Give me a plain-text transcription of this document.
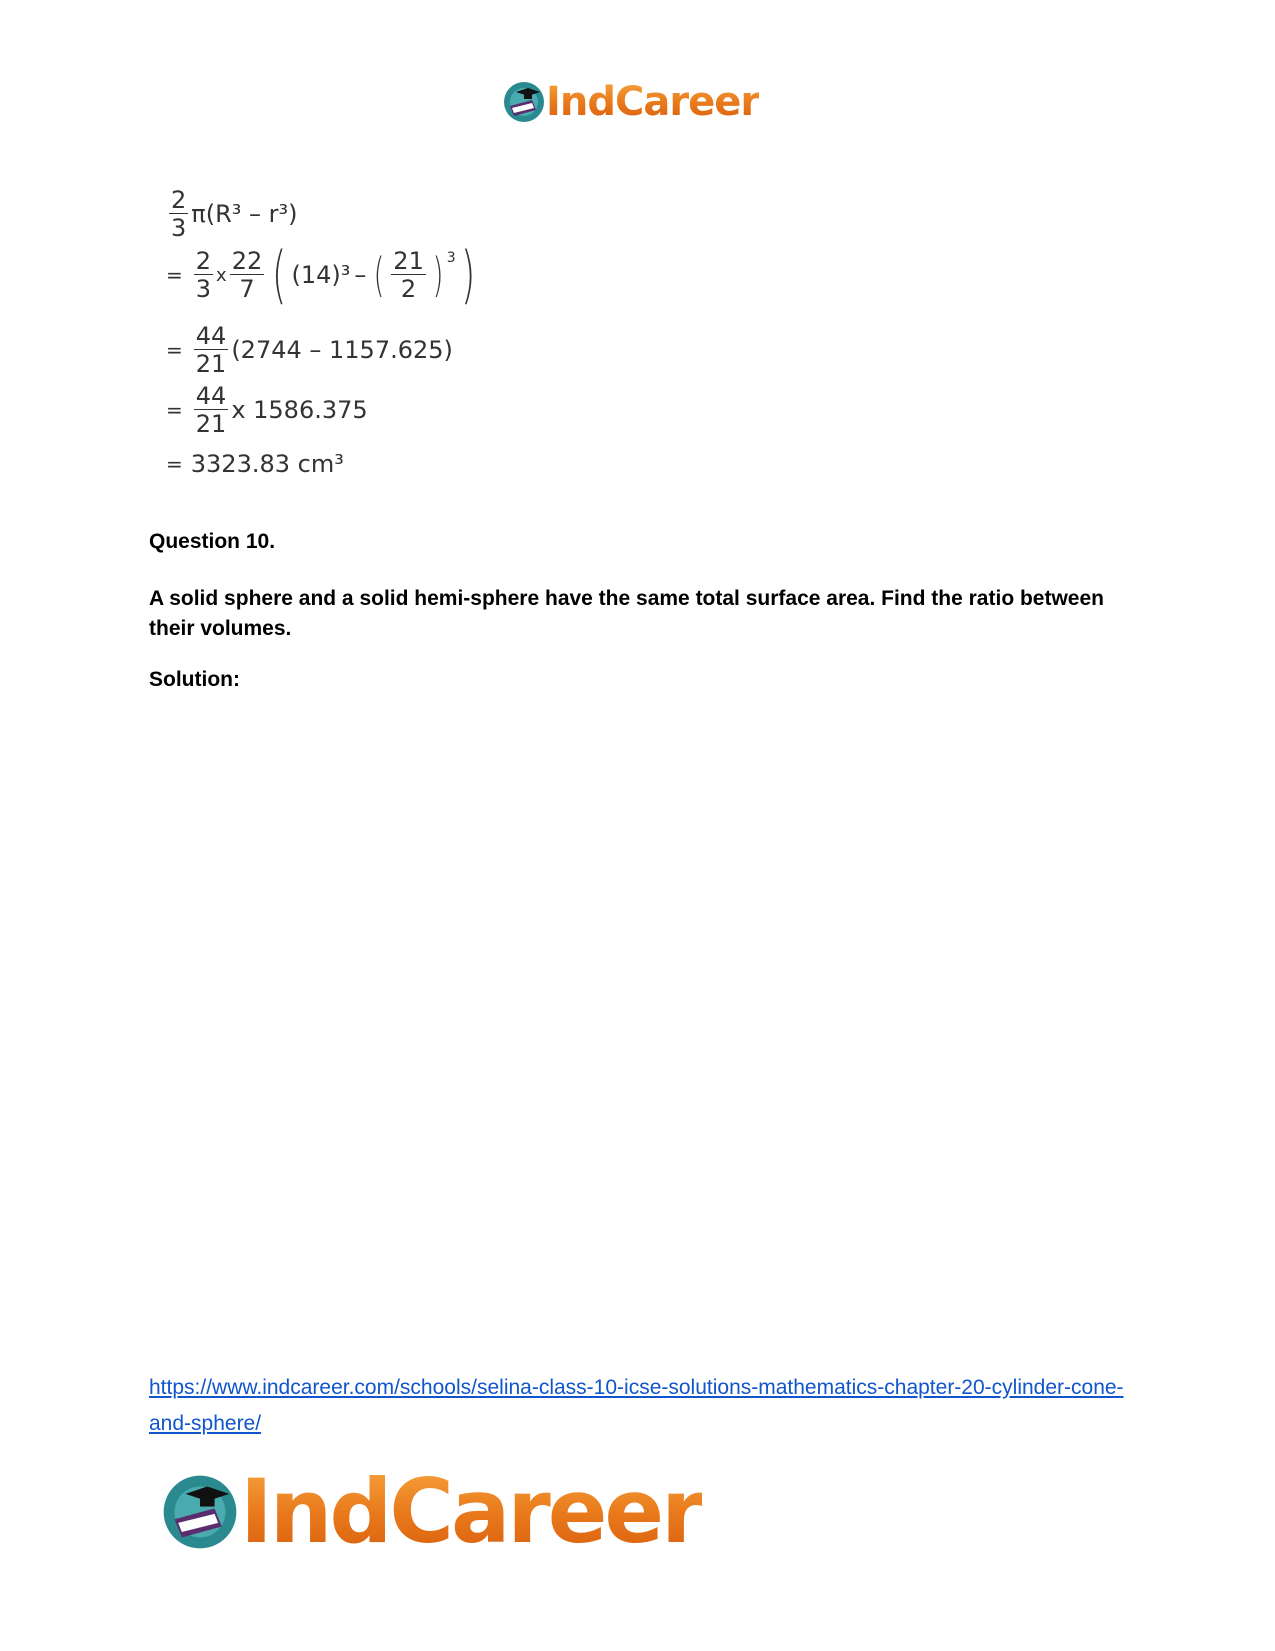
IndCareer
$\frac{2}{3} \pi(R^3 - r^3)$
= $\frac{2}{3}$ x $\frac{22}{7}$ ( (14)³ – ( $\frac{21}{2}$ ) $^3$ )
= $\frac{44}{21} (2744 - 1157.625)$
= $\frac{44}{21}$ x 1586.375
= 3323.83 cm³
Question 10.
A solid sphere and a solid hemi-sphere have the same total surface area. Find the ratio between their volumes.
Solution:
https://www.indcareer.com/schools/selina-class-10-icse-solutions-mathematics-chapter-20-cylinder-cone-and-sphere/
IndCareer
